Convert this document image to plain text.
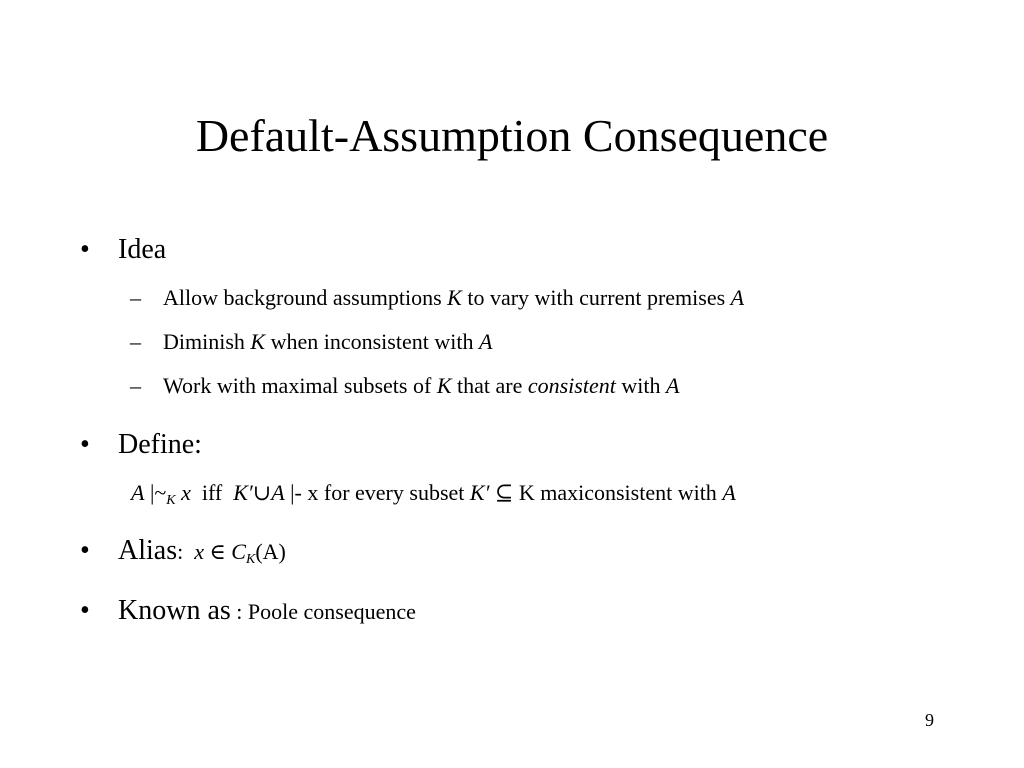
Default-Assumption Consequence
• Idea
– Allow background assumptions K to vary with current premises A
– Diminish K when inconsistent with A
– Work with maximal subsets of K that are consistent with A
• Define:
A $|\sim_K$ x  iff  K′∪A |- x for every subset K′ ⊆ K maxiconsistent with A
• Alias:  x ∈ $C_K(A)$
• Known as : Poole consequence
9
